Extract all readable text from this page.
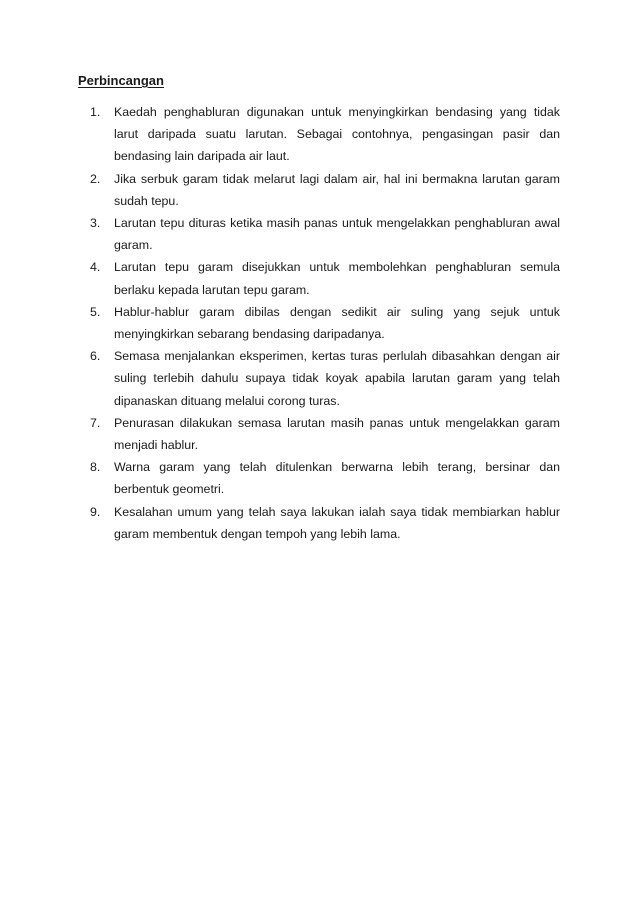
Perbincangan
1. Kaedah penghabluran digunakan untuk menyingkirkan bendasing yang tidak larut daripada suatu larutan. Sebagai contohnya, pengasingan pasir dan bendasing lain daripada air laut.
2. Jika serbuk garam tidak melarut lagi dalam air, hal ini bermakna larutan garam sudah tepu.
3. Larutan tepu dituras ketika masih panas untuk mengelakkan penghabluran awal garam.
4. Larutan tepu garam disejukkan untuk membolehkan penghabluran semula berlaku kepada larutan tepu garam.
5. Hablur-hablur garam dibilas dengan sedikit air suling yang sejuk untuk menyingkirkan sebarang bendasing daripadanya.
6. Semasa menjalankan eksperimen, kertas turas perlulah dibasahkan dengan air suling terlebih dahulu supaya tidak koyak apabila larutan garam yang telah dipanaskan dituang melalui corong turas.
7. Penurasan dilakukan semasa larutan masih panas untuk mengelakkan garam menjadi hablur.
8. Warna garam yang telah ditulenkan berwarna lebih terang, bersinar dan berbentuk geometri.
9. Kesalahan umum yang telah saya lakukan ialah saya tidak membiarkan hablur garam membentuk dengan tempoh yang lebih lama.
